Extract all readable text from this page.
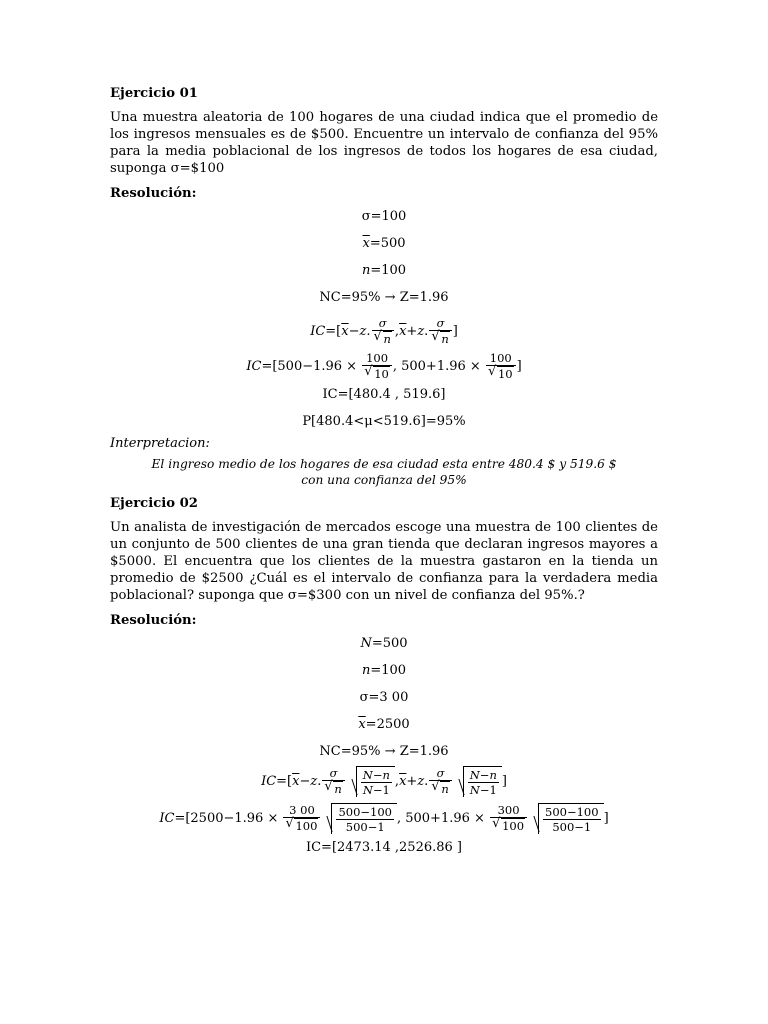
Ejercicio 01

Una muestra aleatoria de 100 hogares de una ciudad indica que el promedio de los ingresos mensuales es de $500. Encuentre un intervalo de confianza del 95% para la media poblacional de los ingresos de todos los hogares de esa ciudad, suponga σ=$100

Resolución:

σ=100
$\overline{x}=500$
n=100
NC=95% → Z=1.96
$IC=[\overline{x}-z$. σ
√ n $,\overline{x}+z$. σ
√ n ]
IC=[500−1.96 × 100
√ 10 , 500+1.96 × 100
√ 10 ]
IC=[480.4 , 519.6]
P[480.4<μ<519.6]=95%

Interpretacion:

El ingreso medio de los hogares de esa ciudad esta entre 480.4 $ y 519.6 $
con una confianza del 95%

Ejercicio 02

Un analista de investigación de mercados escoge una muestra de 100 clientes de un conjunto de 500 clientes de una gran tienda que declaran ingresos mayores a $5000. El encuentra que los clientes de la muestra gastaron en la tienda un promedio de $2500 ¿Cuál es el intervalo de confianza para la verdadera media poblacional? suponga que σ=$300 con un nivel de confianza del 95%.?

Resolución:

N=500
n=100
σ=3 00
$\overline{x}=2500$
NC=95% → Z=1.96
$IC=[\overline{x}-z$. σ
√ n $\frac{N-n}{N-1} ,\overline{x}+z$. σ
√ n $\frac{N-n}{N-1}$ ]
IC=[2500−1.96 × 3 00
√ $100 \frac{500-100}{500-1}$ , 500+1.96 × 300
√ $100 \frac{500-100}{500-1}$ ]
IC=[2473.14 ,2526.86 ]
